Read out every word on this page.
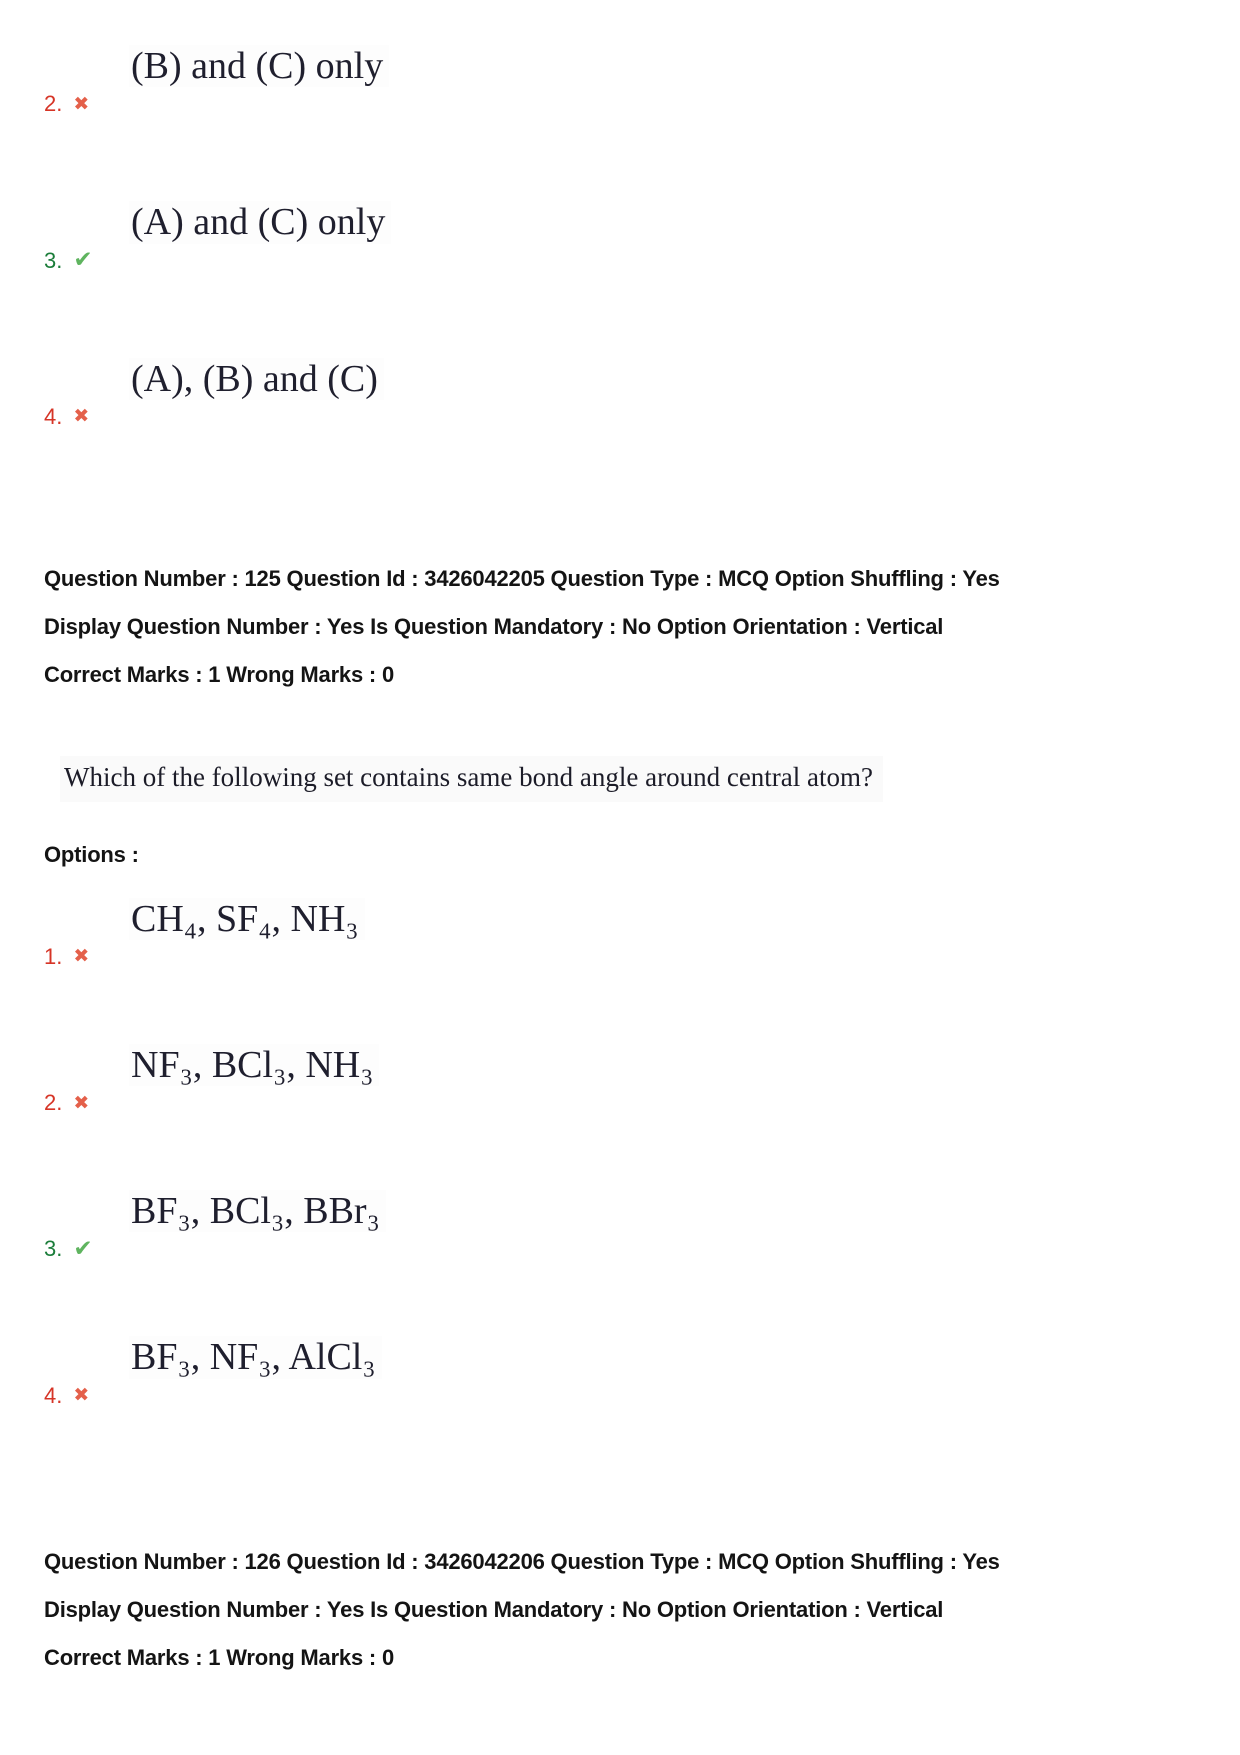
(B) and (C) only
2. ✖
(A) and (C) only
3. ✔
(A), (B) and (C)
4. ✖

Question Number : 125 Question Id : 3426042205 Question Type : MCQ Option Shuffling : Yes

Display Question Number : Yes Is Question Mandatory : No Option Orientation : Vertical

Correct Marks : 1 Wrong Marks : 0

Which of the following set contains same bond angle around central atom?
Options :
CH₄, SF₄, NH₃
1. ✖
NF₃, BCl₃, NH₃
2. ✖
BF₃, BCl₃, BBr₃
3. ✔
BF₃, NF₃, AlCl₃
4. ✖

Question Number : 126 Question Id : 3426042206 Question Type : MCQ Option Shuffling : Yes

Display Question Number : Yes Is Question Mandatory : No Option Orientation : Vertical

Correct Marks : 1 Wrong Marks : 0
